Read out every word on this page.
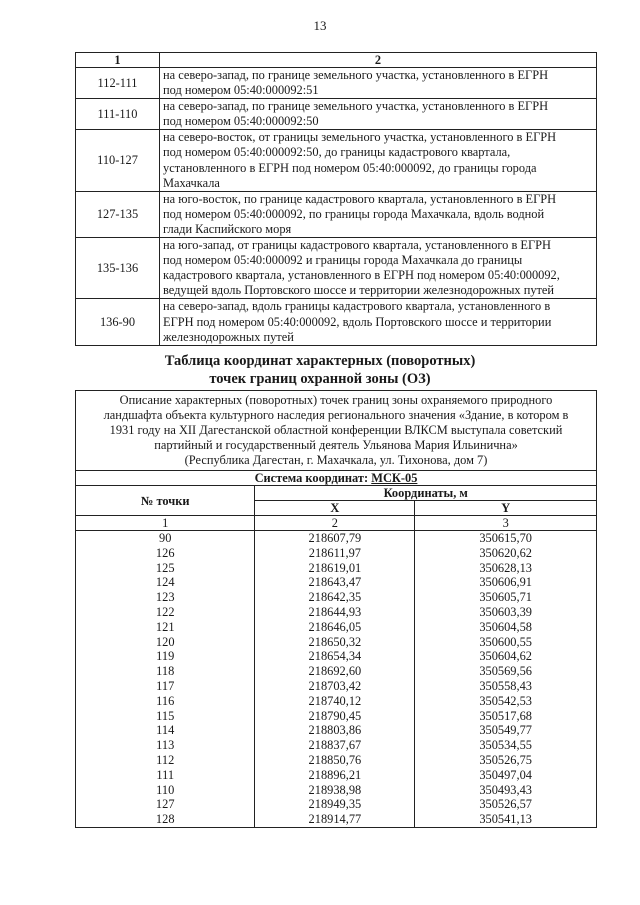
13
1	2
112-111	на северо-запад, по границе земельного участка, установленного в ЕГРН
под номером 05:40:000092:51

111-110	на северо-запад, по границе земельного участка, установленного в ЕГРН
под номером 05:40:000092:50

110-127	на северо-восток, от границы земельного участка, установленного в ЕГРН
под номером 05:40:000092:50, до границы кадастрового квартала,
установленного в ЕГРН под номером 05:40:000092, до границы города
Махачкала

127-135	на юго-восток, по границе кадастрового квартала, установленного в ЕГРН
под номером 05:40:000092, по границы города Махачкала, вдоль водной
глади Каспийского моря

135-136	на юго-запад, от границы кадастрового квартала, установленного в ЕГРН
под номером 05:40:000092 и границы города Махачкала до границы
кадастрового квартала, установленного в ЕГРН под номером 05:40:000092,
ведущей вдоль Портовского шоссе и территории железнодорожных путей

136-90	на северо-запад, вдоль границы кадастрового квартала, установленного в
ЕГРН под номером 05:40:000092, вдоль Портовского шоссе и территории
железнодорожных путей
Таблица координат характерных (поворотных)
точек границ охранной зоны (ОЗ)
Описание характерных (поворотных) точек границ зоны охраняемого природного
ландшафта объекта культурного наследия регионального значения «Здание, в котором в
1931 году на XII Дагестанской областной конференции ВЛКСМ выступала советский
партийный и государственный деятель Ульянова Мария Ильинична»
(Республика Дагестан, г. Махачкала, ул. Тихонова, дом 7)		

Система координат: МСК-05		
№ точки	Координаты, м	
	X	Y
1	2	3
90	218607,79	350615,70
126	218611,97	350620,62
125	218619,01	350628,13
124	218643,47	350606,91
123	218642,35	350605,71
122	218644,93	350603,39
121	218646,05	350604,58
120	218650,32	350600,55
119	218654,34	350604,62
118	218692,60	350569,56
117	218703,42	350558,43
116	218740,12	350542,53
115	218790,45	350517,68
114	218803,86	350549,77
113	218837,67	350534,55
112	218850,76	350526,75
111	218896,21	350497,04
110	218938,98	350493,43
127	218949,35	350526,57
128	218914,77	350541,13
